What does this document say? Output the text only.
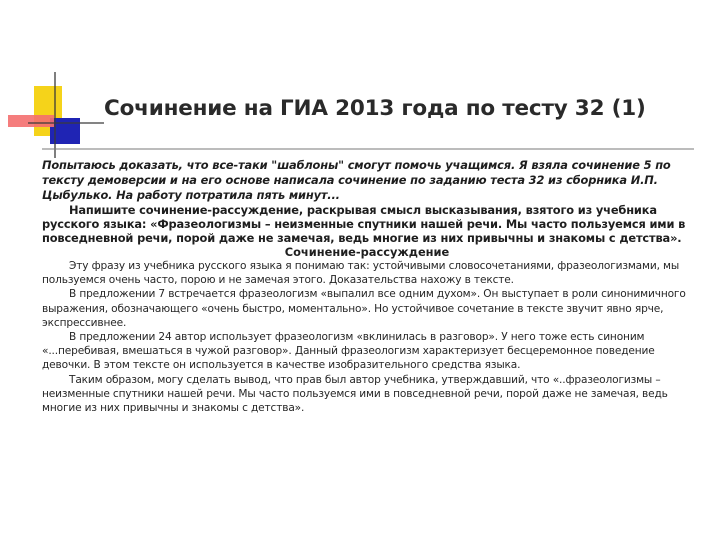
Сочинение на ГИА 2013 года по тесту 32 (1)

Попытаюсь доказать, что все-таки "шаблоны" смогут помочь учащимся. Я взяла сочинение 5 по тексту демоверсии и на его основе написала сочинение по заданию теста 32 из сборника И.П. Цыбулько. На работу потратила пять минут...

Напишите сочинение-рассуждение, раскрывая смысл высказывания, взятого из учебника русского языка: «Фразеологизмы – неизменные спутники нашей речи. Мы часто пользуемся ими в повседневной речи, порой даже не замечая, ведь многие из них привычны и знакомы с детства».

Сочинение-рассуждение

Эту фразу из учебника русского языка я понимаю так: устойчивыми словосочетаниями, фразеологизмами, мы пользуемся очень часто, порою и не замечая этого. Доказательства нахожу в тексте.

В предложении 7 встречается фразеологизм «выпалил все одним духом». Он выступает в роли синонимичного выражения, обозначающего «очень быстро, моментально». Но устойчивое сочетание в тексте звучит явно ярче, экспрессивнее.

В предложении 24 автор использует фразеологизм «вклинилась в разговор». У него тоже есть синоним «...перебивая, вмешаться в чужой разговор». Данный фразеологизм характеризует бесцеремонное поведение девочки. В этом тексте он используется в качестве изобразительного средства языка.

Таким образом, могу сделать вывод, что прав был автор учебника, утверждавший, что «..фразеологизмы – неизменные спутники нашей речи. Мы часто пользуемся ими в повседневной речи, порой даже не замечая, ведь многие из них привычны и знакомы с детства».
